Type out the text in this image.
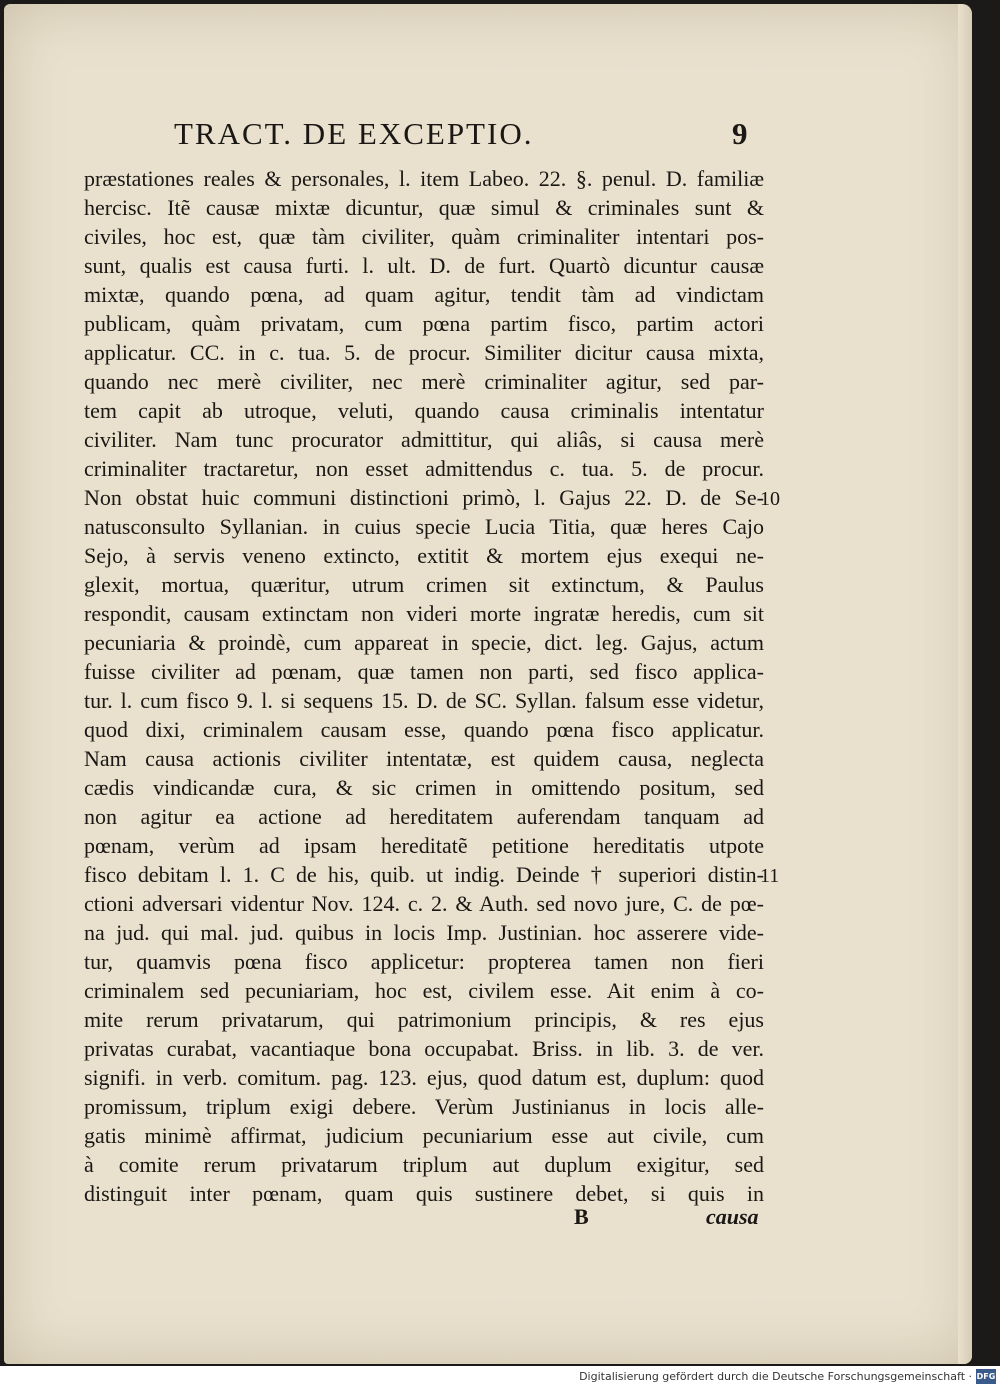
TRACT. DE EXCEPTIO.	9
præstationes reales & personales, l. item Labeo. 22. §. penul. D. familiæ
hercisc. Itẽ causæ mixtæ dicuntur, quæ simul & criminales sunt &
civiles, hoc est, quæ tàm civiliter, quàm criminaliter intentari pos-
sunt, qualis est causa furti. l. ult. D. de furt. Quartò dicuntur causæ
mixtæ, quando pœna, ad quam agitur, tendit tàm ad vindictam
publicam, quàm privatam, cum pœna partim fisco, partim actori
applicatur. CC. in c. tua. 5. de procur. Similiter dicitur causa mixta,
quando nec merè civiliter, nec merè criminaliter agitur, sed par-
tem capit ab utroque, veluti, quando causa criminalis intentatur
civiliter. Nam tunc procurator admittitur, qui aliâs, si causa merè
criminaliter tractaretur, non esset admittendus c. tua. 5. de procur.
Non obstat huic communi distinctioni primò, l. Gajus 22. D. de Se-
natusconsulto Syllanian. in cuius specie Lucia Titia, quæ heres Cajo
Sejo, à servis veneno extincto, extitit & mortem ejus exequi ne-
glexit, mortua, quæritur, utrum crimen sit extinctum, & Paulus
respondit, causam extinctam non videri morte ingratæ heredis, cum sit
pecuniaria & proindè, cum appareat in specie, dict. leg. Gajus, actum
fuisse civiliter ad pœnam, quæ tamen non parti, sed fisco applica-
tur. l. cum fisco 9. l. si sequens 15. D. de SC. Syllan. falsum esse videtur,
quod dixi, criminalem causam esse, quando pœna fisco applicatur.
Nam causa actionis civiliter intentatæ, est quidem causa, neglecta
cædis vindicandæ cura, & sic crimen in omittendo positum, sed
non agitur ea actione ad hereditatem auferendam tanquam ad
pœnam, verùm ad ipsam hereditatẽ petitione hereditatis utpote
fisco debitam l. 1. C de his, quib. ut indig. Deinde † superiori distin-
ctioni adversari videntur Nov. 124. c. 2. & Auth. sed novo jure, C. de pœ-
na jud. qui mal. jud. quibus in locis Imp. Justinian. hoc asserere vide-
tur, quamvis pœna fisco applicetur: propterea tamen non fieri
criminalem sed pecuniariam, hoc est, civilem esse. Ait enim à co-
mite rerum privatarum, qui patrimonium principis, & res ejus
privatas curabat, vacantiaque bona occupabat. Briss. in lib. 3. de ver.
signifi. in verb. comitum. pag. 123. ejus, quod datum est, duplum: quod
promissum, triplum exigi debere. Verùm Justinianus in locis alle-
gatis minimè affirmat, judicium pecuniarium esse aut civile, cum
à comite rerum privatarum triplum aut duplum exigitur, sed
distinguit inter pœnam, quam quis sustinere debet, si quis in
10
11
B	causa
Digitalisierung gefördert durch die Deutsche Forschungsgemeinschaft · DFG
